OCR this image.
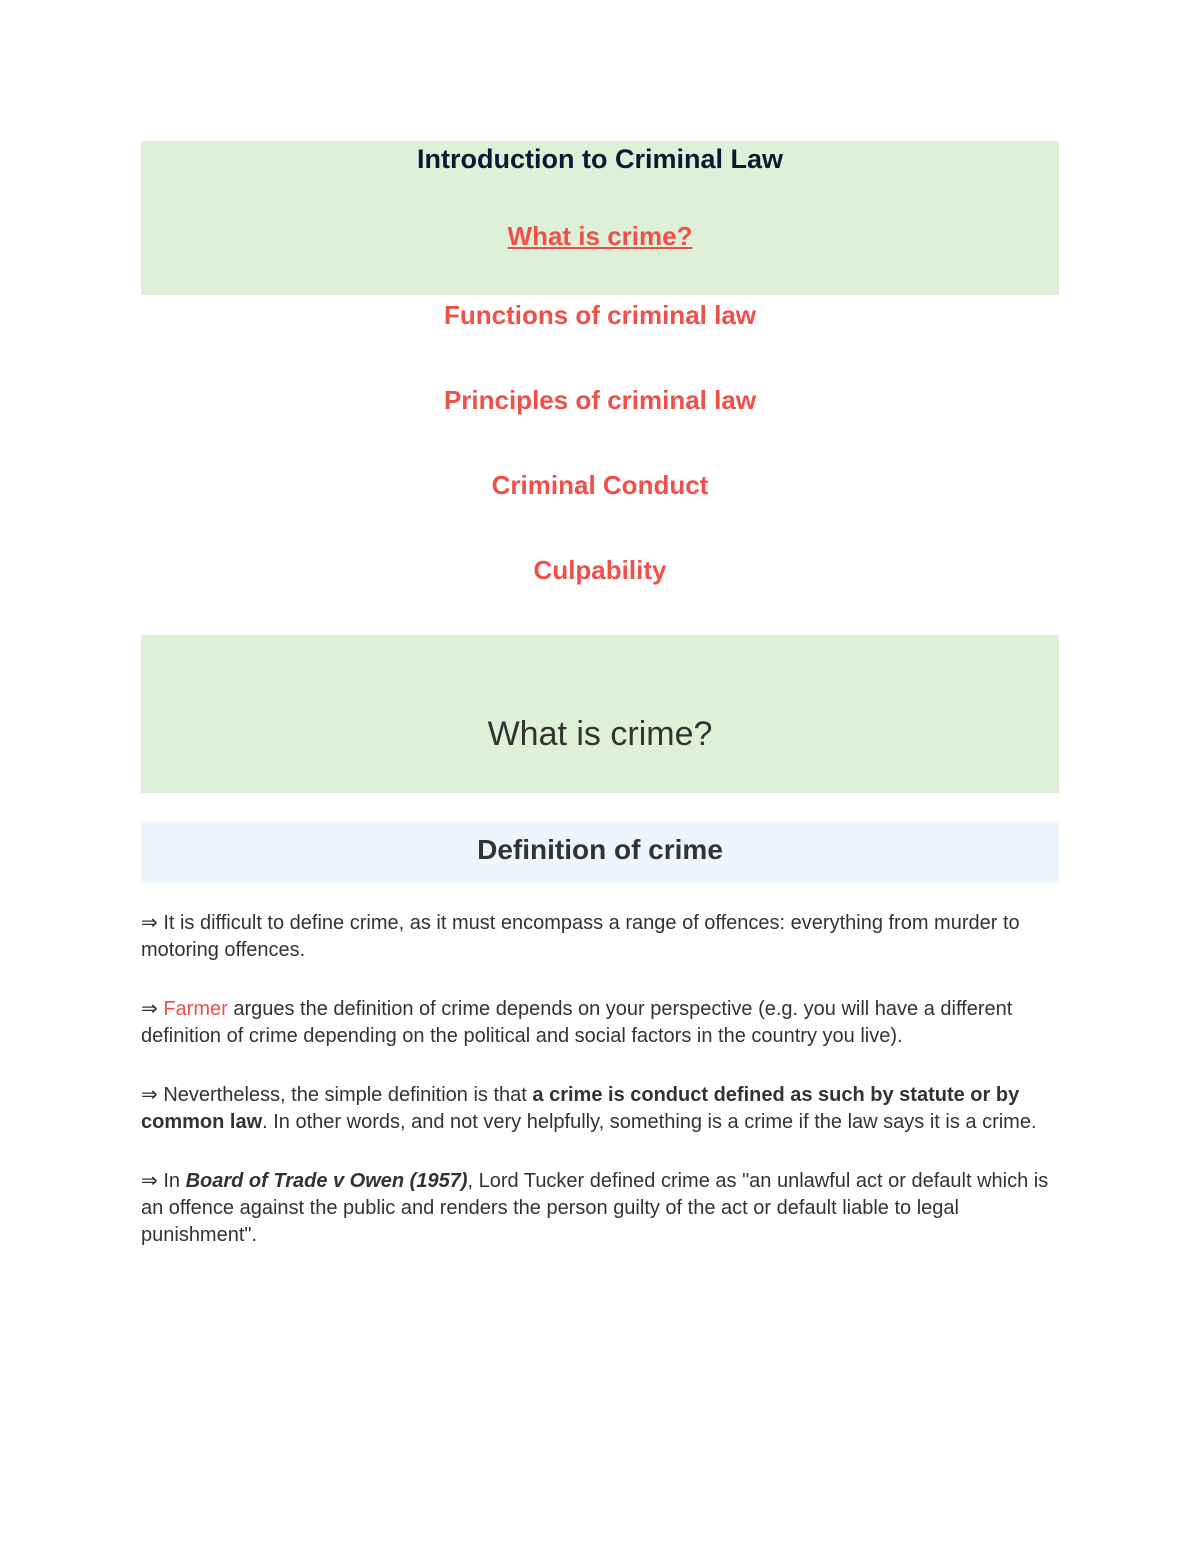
Introduction to Criminal Law
What is crime?
Functions of criminal law
Principles of criminal law
Criminal Conduct
Culpability
What is crime?
Definition of crime

⇒ It is difficult to define crime, as it must encompass a range of offences: everything from murder to motoring offences.

⇒ Farmer argues the definition of crime depends on your perspective (e.g. you will have a different definition of crime depending on the political and social factors in the country you live).

⇒ Nevertheless, the simple definition is that a crime is conduct defined as such by statute or by common law. In other words, and not very helpfully, something is a crime if the law says it is a crime.

⇒ In Board of Trade v Owen (1957), Lord Tucker defined crime as "an unlawful act or default which is an offence against the public and renders the person guilty of the act or default liable to legal punishment".
